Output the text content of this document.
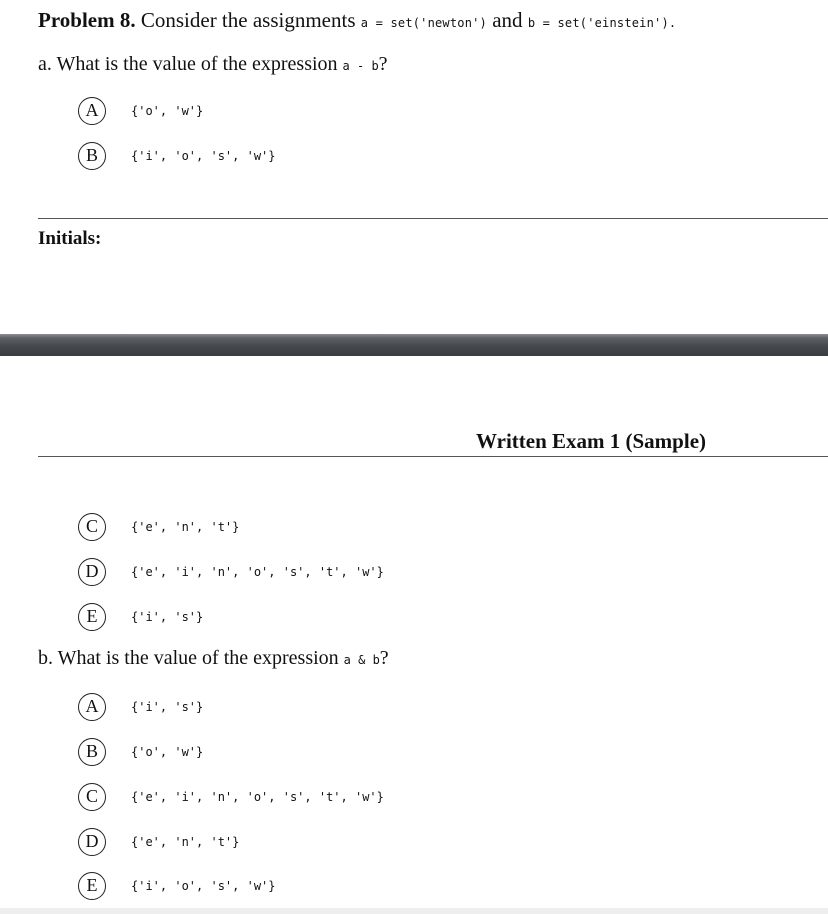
Problem 8. Consider the assignments a = set('newton') and b = set('einstein').
a. What is the value of the expression a - b?
A	{'o', 'w'}
B	{'i', 'o', 's', 'w'}
Initials:
Written Exam 1 (Sample)
C	{'e', 'n', 't'}
D	{'e', 'i', 'n', 'o', 's', 't', 'w'}
E	{'i', 's'}
b. What is the value of the expression a & b?
A	{'i', 's'}
B	{'o', 'w'}
C	{'e', 'i', 'n', 'o', 's', 't', 'w'}
D	{'e', 'n', 't'}
E	{'i', 'o', 's', 'w'}
